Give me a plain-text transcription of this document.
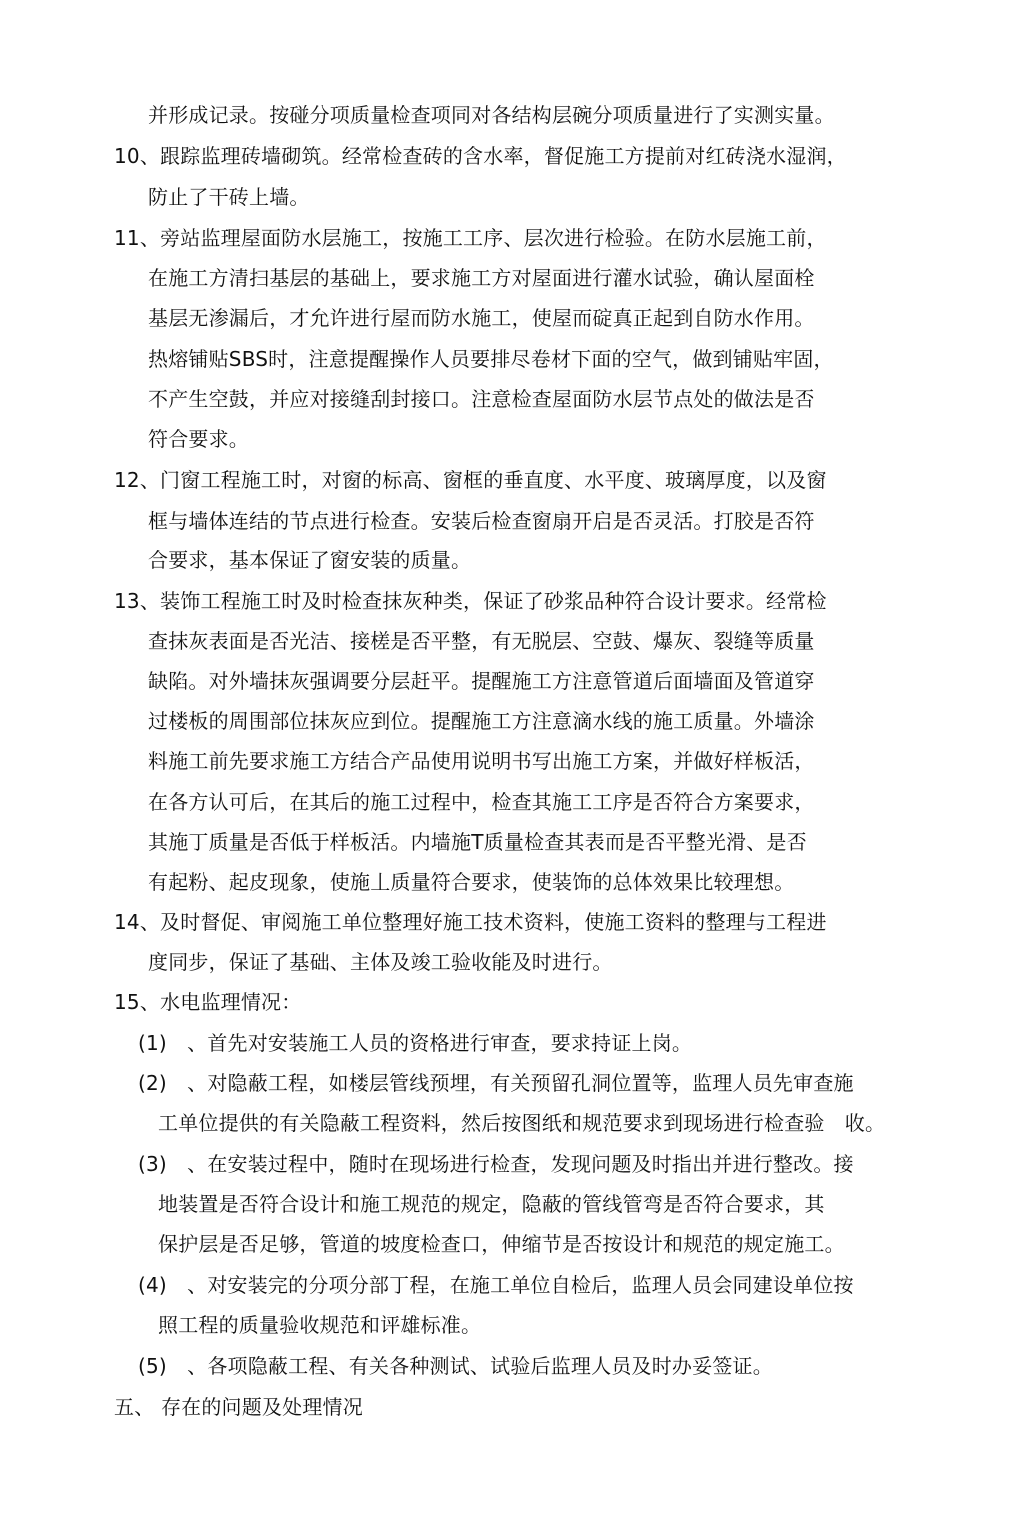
并形成记录。按碰分项质量检查项同对各结构层碗分项质量进行了实测实量。
10、跟踪监理砖墙砌筑。经常检查砖的含水率，督促施工方提前对红砖浇水湿润，
防止了干砖上墙。
11、旁站监理屋面防水层施工，按施工工序、层次进行检验。在防水层施工前，
在施工方清扫基层的基础上，要求施工方对屋面进行灌水试验，确认屋面栓
基层无渗漏后，才允许进行屋而防水施工，使屋而碇真正起到自防水作用。
热熔铺贴SBS时，注意提醒操作人员要排尽卷材下面的空气，做到铺贴牢固，
不产生空鼓，并应对接缝刮封接口。注意检查屋面防水层节点处的做法是否
符合要求。
12、门窗工程施工时，对窗的标高、窗框的垂直度、水平度、玻璃厚度，以及窗
框与墙体连结的节点进行检查。安装后检查窗扇开启是否灵活。打胶是否符
合要求，基本保证了窗安装的质量。
13、装饰工程施工时及时检查抹灰种类，保证了砂浆品种符合设计要求。经常检
查抹灰表面是否光洁、接槎是否平整，有无脱层、空鼓、爆灰、裂缝等质量
缺陷。对外墙抹灰强调要分层赶平。提醒施工方注意管道后面墙面及管道穿
过楼板的周围部位抹灰应到位。提醒施工方注意滴水线的施工质量。外墙涂
料施工前先要求施工方结合产品使用说明书写出施工方案，并做好样板活，
在各方认可后，在其后的施工过程中，检查其施工工序是否符合方案要求，
其施丁质量是否低于样板活。内墙施T质量检查其表而是否平整光滑、是否
有起粉、起皮现象，使施丄质量符合要求，使装饰的总体效果比较理想。
14、及时督促、审阅施工单位整理好施工技术资料，使施工资料的整理与工程进
度同步，保证了基础、主体及竣工验收能及时进行。
15、水电监理情况：
(1)　、首先对安装施工人员的资格进行审查，要求持证上岗。
(2)　、对隐蔽工程，如楼层管线预埋，有关预留孔洞位置等，监理人员先审查施
工单位提供的有关隐蔽工程资料，然后按图纸和规范要求到现场进行检查验　收。
(3)　、在安装过程中，随时在现场进行检查，发现问题及时指出并进行整改。接
地装置是否符合设计和施工规范的规定，隐蔽的管线管弯是否符合要求，其
保护层是否足够，管道的坡度检查口，伸缩节是否按设计和规范的规定施工。
(4)　、对安装完的分项分部丁程，在施工单位自检后，监理人员会同建设单位按
照工程的质量验收规范和评雄标准。
(5)　、各项隐蔽工程、有关各种测试、试验后监理人员及时办妥签证。
五、 存在的问题及处理情况
